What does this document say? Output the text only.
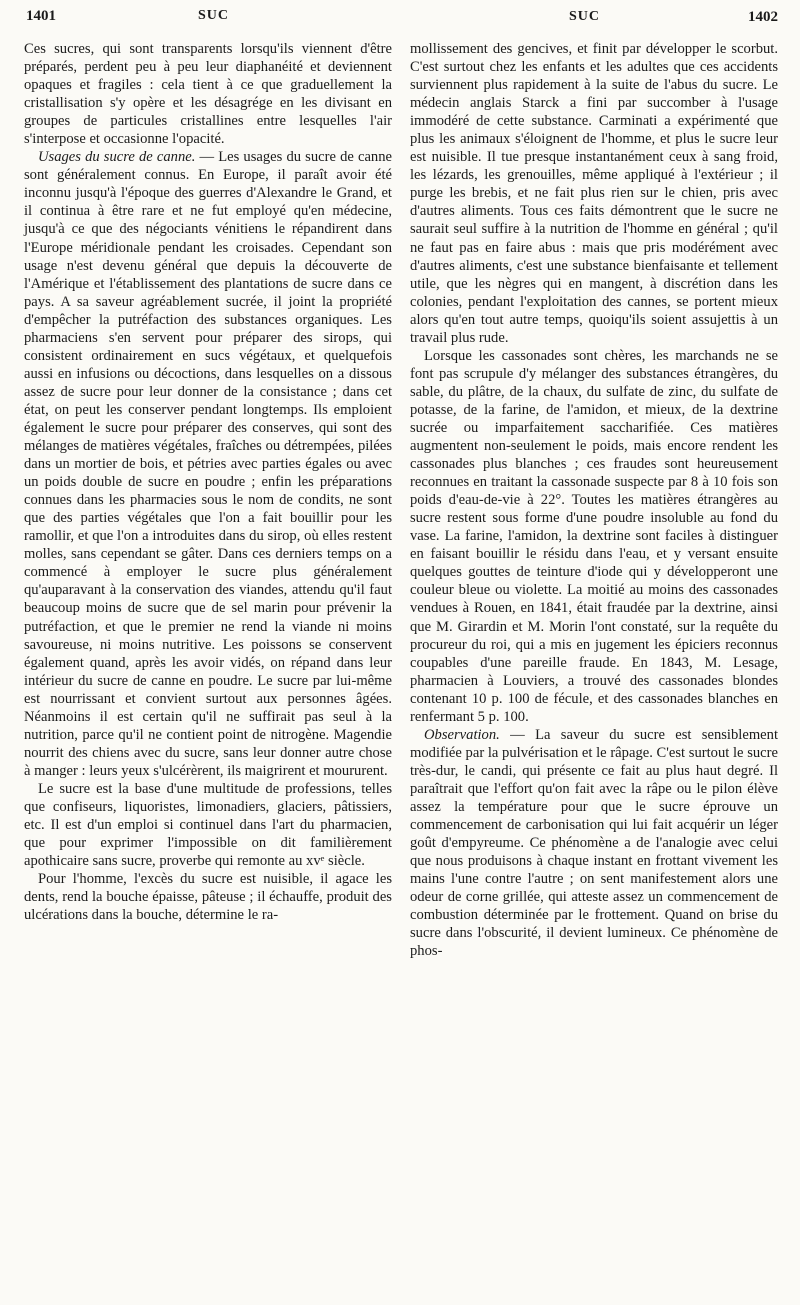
1401	SUC	SUC	1402

Ces sucres, qui sont transparents lorsqu'ils viennent d'être préparés, perdent peu à peu leur diaphanéité et deviennent opaques et fragiles : cela tient à ce que graduellement la cristallisation s'y opère et les désagrége en les divisant en groupes de particules cristallines entre lesquelles l'air s'interpose et occasionne l'opacité.

Usages du sucre de canne. — Les usages du sucre de canne sont généralement connus. En Europe, il paraît avoir été inconnu jusqu'à l'époque des guerres d'Alexandre le Grand, et il continua à être rare et ne fut employé qu'en médecine, jusqu'à ce que des négociants vénitiens le répandirent dans l'Europe méridionale pendant les croisades. Cependant son usage n'est devenu général que depuis la découverte de l'Amérique et l'établissement des plantations de sucre dans ce pays. A sa saveur agréablement sucrée, il joint la propriété d'empêcher la putréfaction des substances organiques. Les pharmaciens s'en servent pour préparer des sirops, qui consistent ordinairement en sucs végétaux, et quelquefois aussi en infusions ou décoctions, dans lesquelles on a dissous assez de sucre pour leur donner de la consistance ; dans cet état, on peut les conserver pendant longtemps. Ils emploient également le sucre pour préparer des conserves, qui sont des mélanges de matières végétales, fraîches ou détrempées, pilées dans un mortier de bois, et pétries avec parties égales ou avec un poids double de sucre en poudre ; enfin les préparations connues dans les pharmacies sous le nom de condits, ne sont que des parties végétales que l'on a fait bouillir pour les ramollir, et que l'on a introduites dans du sirop, où elles restent molles, sans cependant se gâter. Dans ces derniers temps on a commencé à employer le sucre plus généralement qu'auparavant à la conservation des viandes, attendu qu'il faut beaucoup moins de sucre que de sel marin pour prévenir la putréfaction, et que le premier ne rend la viande ni moins savoureuse, ni moins nutritive. Les poissons se conservent également quand, après les avoir vidés, on répand dans leur intérieur du sucre de canne en poudre. Le sucre par lui-même est nourrissant et convient surtout aux personnes âgées. Néanmoins il est certain qu'il ne suffirait pas seul à la nutrition, parce qu'il ne contient point de nitrogène. Magendie nourrit des chiens avec du sucre, sans leur donner autre chose à manger : leurs yeux s'ulcérèrent, ils maigrirent et moururent.

Le sucre est la base d'une multitude de professions, telles que confiseurs, liquoristes, limonadiers, glaciers, pâtissiers, etc. Il est d'un emploi si continuel dans l'art du pharmacien, que pour exprimer l'impossible on dit familièrement apothicaire sans sucre, proverbe qui remonte au xvᵉ siècle.

Pour l'homme, l'excès du sucre est nuisible, il agace les dents, rend la bouche épaisse, pâteuse ; il échauffe, produit des ulcérations dans la bouche, détermine le ra-

mollissement des gencives, et finit par développer le scorbut. C'est surtout chez les enfants et les adultes que ces accidents surviennent plus rapidement à la suite de l'abus du sucre. Le médecin anglais Starck a fini par succomber à l'usage immodéré de cette substance. Carminati a expérimenté que plus les animaux s'éloignent de l'homme, et plus le sucre leur est nuisible. Il tue presque instantanément ceux à sang froid, les lézards, les grenouilles, même appliqué à l'extérieur ; il purge les brebis, et ne fait plus rien sur le chien, pris avec d'autres aliments. Tous ces faits démontrent que le sucre ne saurait seul suffire à la nutrition de l'homme en général ; qu'il ne faut pas en faire abus : mais que pris modérément avec d'autres aliments, c'est une substance bienfaisante et tellement utile, que les nègres qui en mangent, à discrétion dans les colonies, pendant l'exploitation des cannes, se portent mieux alors qu'en tout autre temps, quoiqu'ils soient assujettis à un travail plus rude.

Lorsque les cassonades sont chères, les marchands ne se font pas scrupule d'y mélanger des substances étrangères, du sable, du plâtre, de la chaux, du sulfate de zinc, du sulfate de potasse, de la farine, de l'amidon, et mieux, de la dextrine sucrée ou imparfaitement saccharifiée. Ces matières augmentent non-seulement le poids, mais encore rendent les cassonades plus blanches ; ces fraudes sont heureusement reconnues en traitant la cassonade suspecte par 8 à 10 fois son poids d'eau-de-vie à 22°. Toutes les matières étrangères au sucre restent sous forme d'une poudre insoluble au fond du vase. La farine, l'amidon, la dextrine sont faciles à distinguer en faisant bouillir le résidu dans l'eau, et y versant ensuite quelques gouttes de teinture d'iode qui y développeront une couleur bleue ou violette. La moitié au moins des cassonades vendues à Rouen, en 1841, était fraudée par la dextrine, ainsi que M. Girardin et M. Morin l'ont constaté, sur la requête du procureur du roi, qui a mis en jugement les épiciers reconnus coupables d'une pareille fraude. En 1843, M. Lesage, pharmacien à Louviers, a trouvé des cassonades blondes contenant 10 p. 100 de fécule, et des cassonades blanches en renfermant 5 p. 100.

Observation. — La saveur du sucre est sensiblement modifiée par la pulvérisation et le râpage. C'est surtout le sucre très-dur, le candi, qui présente ce fait au plus haut degré. Il paraîtrait que l'effort qu'on fait avec la râpe ou le pilon élève assez la température pour que le sucre éprouve un commencement de carbonisation qui lui fait acquérir un léger goût d'empyreume. Ce phénomène a de l'analogie avec celui que nous produisons à chaque instant en frottant vivement les mains l'une contre l'autre ; on sent manifestement alors une odeur de corne grillée, qui atteste assez un commencement de combustion déterminée par le frottement. Quand on brise du sucre dans l'obscurité, il devient lumineux. Ce phénomène de phos-
